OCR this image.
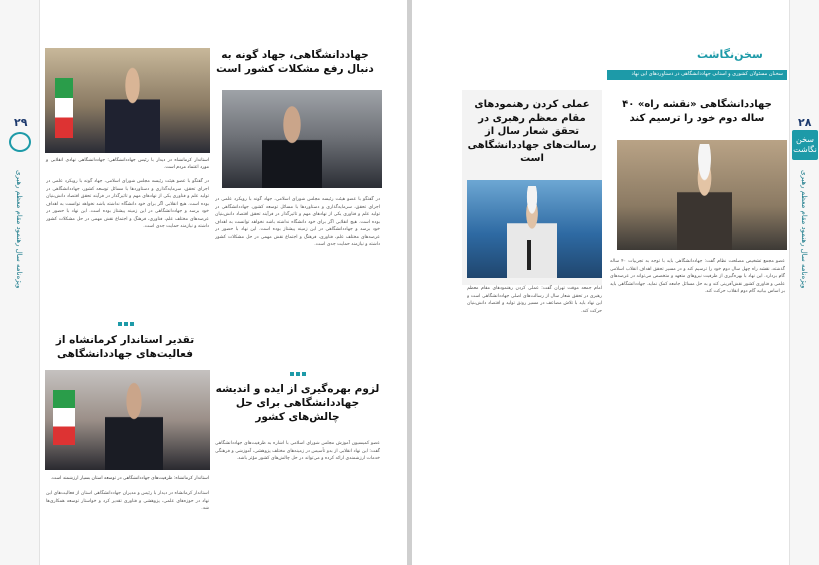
۲۹
ویژه‌نامه سال رهنمود مقام معظم رهبری
استاندار کرمانشاه در دیدار با رئیس جهاددانشگاهی: جهاددانشگاهی نهادی انقلابی و مورد اعتماد مردم است.
در گفتگو با عضو هیئت رئیسه مجلس شورای اسلامی، جهاد گونه با رویکرد علمی در اجرای تحقق، سرمایه‌گذاری و دستاوردها با مسائل توسعه کشور، جهاددانشگاهی در تولید علم و فناوری یکی از نهادهای مهم و تاثیرگذار در فرآیند تحقق اقتصاد دانش‌بنیان بوده است. هیچ انقلابی اگر برای خود دانشگاه نداشته باشد نخواهد توانست به اهداف خود برسد و جهاددانشگاهی در این زمینه پیشتاز بوده است. این نهاد با حضور در عرصه‌های مختلف علم، فناوری، فرهنگ و اجتماع نقش مهمی در حل مشکلات کشور داشته و نیازمند حمایت جدی است.
جهاددانشگاهی، جهاد گونه به دنبال رفع مشکلات کشور است
در گفتگو با عضو هیئت رئیسه مجلس شورای اسلامی، جهاد گونه با رویکرد علمی در اجرای تحقق، سرمایه‌گذاری و دستاوردها با مسائل توسعه کشور، جهاددانشگاهی در تولید علم و فناوری یکی از نهادهای مهم و تاثیرگذار در فرآیند تحقق اقتصاد دانش‌بنیان بوده است. هیچ انقلابی اگر برای خود دانشگاه نداشته باشد نخواهد توانست به اهداف خود برسد و جهاددانشگاهی در این زمینه پیشتاز بوده است. این نهاد با حضور در عرصه‌های مختلف علم، فناوری، فرهنگ و اجتماع نقش مهمی در حل مشکلات کشور داشته و نیازمند حمایت جدی است.
تقدیر استاندار کرمانشاه از فعالیت‌های جهاددانشگاهی
استاندار کرمانشاه: ظرفیت‌های جهاددانشگاهی در توسعه استان بسیار ارزشمند است.
استاندار کرمانشاه در دیدار با رئیس و مدیران جهاددانشگاهی استان از فعالیت‌های این نهاد در حوزه‌های علمی، پژوهشی و فناوری تقدیر کرد و خواستار توسعه همکاری‌ها شد.
لزوم بهره‌گیری از ایده و اندیشه جهاددانشگاهی برای حل چالش‌های کشور
عضو کمیسیون آموزش مجلس شورای اسلامی با اشاره به ظرفیت‌های جهاددانشگاهی گفت: این نهاد انقلابی از بدو تأسیس در زمینه‌های مختلف پژوهشی، آموزشی و فرهنگی خدمات ارزشمندی ارائه کرده و می‌تواند در حل چالش‌های کشور مؤثر باشد.
۲۸
سخن نگاشت
ویژه‌نامه سال رهنمود مقام معظم رهبری
سخن‌نگاشت
سخنان مسئولان کشوری و استانی جهاددانشگاهی در دستاوردهای این نهاد
عملی کردن رهنمودهای مقام معظم رهبری در تحقق شعار سال از رسالت‌های جهاددانشگاهی است
امام جمعه موقت تهران گفت: عملی کردن رهنمودهای مقام معظم رهبری در تحقق شعار سال از رسالت‌های اصلی جهاددانشگاهی است و این نهاد باید با تلاش مضاعف در مسیر رونق تولید و اقتصاد دانش‌بنیان حرکت کند.
جهاددانشگاهی «نقشه راه» ۴۰ ساله دوم خود را ترسیم کند
عضو مجمع تشخیص مصلحت نظام گفت: جهاددانشگاهی باید با توجه به تجربیات ۴۰ ساله گذشته، نقشه راه چهل سال دوم خود را ترسیم کند و در مسیر تحقق اهداف انقلاب اسلامی گام بردارد. این نهاد با بهره‌گیری از ظرفیت نیروهای متعهد و متخصص می‌تواند در عرصه‌های علمی و فناوری کشور نقش‌آفرینی کند و به حل مسائل جامعه کمک نماید. جهاددانشگاهی باید بر اساس بیانیه گام دوم انقلاب حرکت کند.
